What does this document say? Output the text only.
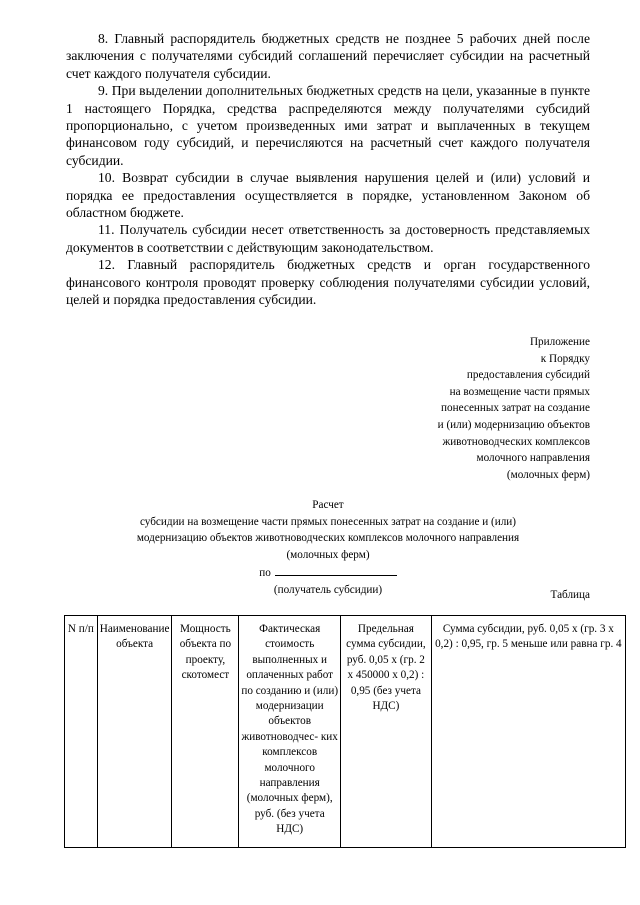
8. Главный распорядитель бюджетных средств не позднее 5 рабочих дней после заключения с получателями субсидий соглашений перечисляет субсидии на расчетный счет каждого получателя субсидии.

9. При выделении дополнительных бюджетных средств на цели, указанные в пункте 1 настоящего Порядка, средства распределяются между получателями субсидий пропорционально, с учетом произведенных ими затрат и выплаченных в текущем финансовом году субсидий, и перечисляются на расчетный счет каждого получателя субсидии.

10. Возврат субсидии в случае выявления нарушения целей и (или) условий и порядка ее предоставления осуществляется в порядке, установленном Законом об областном бюджете.

11. Получатель субсидии несет ответственность за достоверность представляемых документов в соответствии с действующим законодательством.

12. Главный распорядитель бюджетных средств и орган государственного финансового контроля проводят проверку соблюдения получателями субсидии условий, целей и порядка предоставления субсидии.

Приложение
к Порядку
предоставления субсидий
на возмещение части прямых
понесенных затрат на создание
и (или) модернизацию объектов
животноводческих комплексов
молочного направления
(молочных ферм)
Расчет
субсидии на возмещение части прямых понесенных затрат на создание и (или)
модернизацию объектов животноводческих комплексов молочного направления
(молочных ферм)
по
(получатель субсидии)	Таблица
N п/п	Наименование объекта	Мощность объекта по проекту, скотомест	Фактическая стоимость выполненных и оплаченных работ по созданию и (или) модернизации объектов животноводчес- ких комплексов молочного направления (молочных ферм), руб. (без учета НДС)	Предельная сумма субсидии, руб. 0,05 x (гр. 2 x 450000 x 0,2) : 0,95 (без учета НДС)	Сумма субсидии, руб. 0,05 x (гр. 3 x 0,2) : 0,95, гр. 5 меньше или равна гр. 4
